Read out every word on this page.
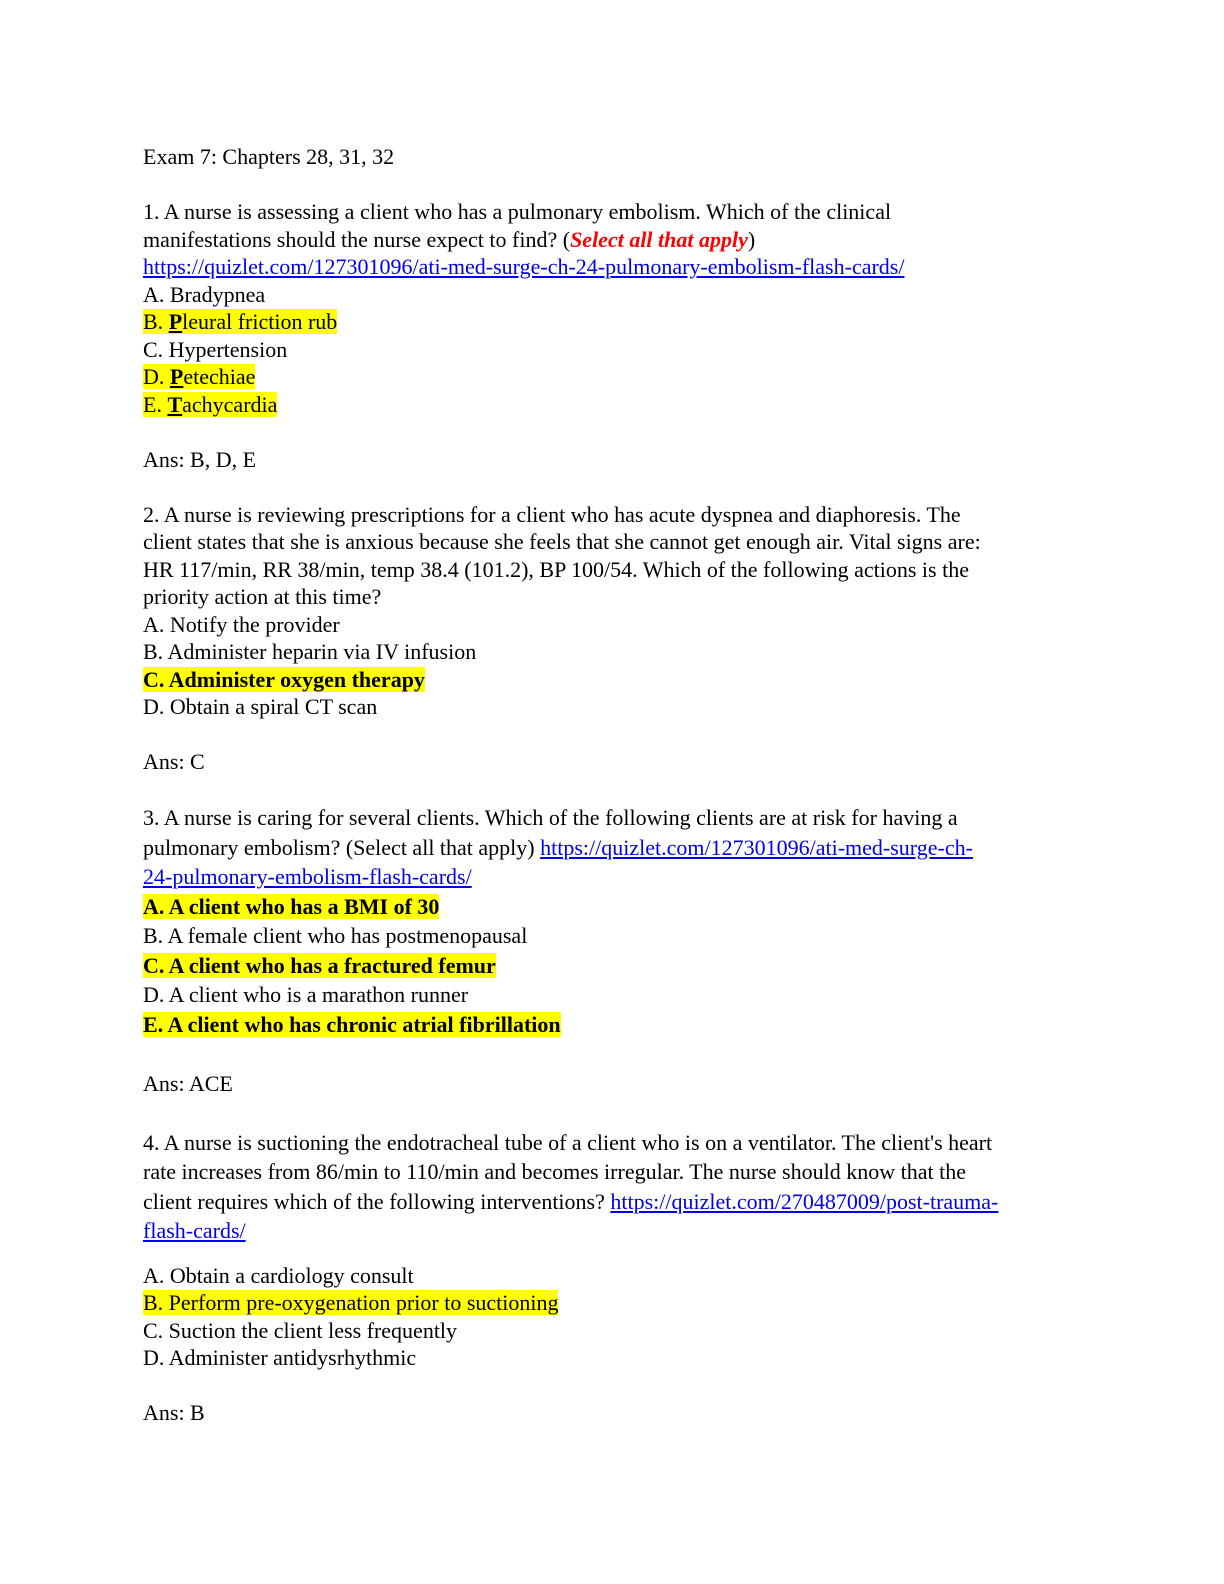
Exam 7: Chapters 28, 31, 32
1. A nurse is assessing a client who has a pulmonary embolism. Which of the clinical
manifestations should the nurse expect to find? (Select all that apply)
https://quizlet.com/127301096/ati-med-surge-ch-24-pulmonary-embolism-flash-cards/
A. Bradypnea
B. Pleural friction rub
C. Hypertension
D. Petechiae
E. Tachycardia
Ans: B, D, E
2. A nurse is reviewing prescriptions for a client who has acute dyspnea and diaphoresis. The
client states that she is anxious because she feels that she cannot get enough air. Vital signs are:
HR 117/min, RR 38/min, temp 38.4 (101.2), BP 100/54. Which of the following actions is the
priority action at this time?
A. Notify the provider
B. Administer heparin via IV infusion
C. Administer oxygen therapy
D. Obtain a spiral CT scan
Ans: C
3. A nurse is caring for several clients. Which of the following clients are at risk for having a
pulmonary embolism? (Select all that apply) https://quizlet.com/127301096/ati-med-surge-ch-
24-pulmonary-embolism-flash-cards/
A. A client who has a BMI of 30
B. A female client who has postmenopausal
C. A client who has a fractured femur
D. A client who is a marathon runner
E. A client who has chronic atrial fibrillation

Ans: ACE

4. A nurse is suctioning the endotracheal tube of a client who is on a ventilator. The client's heart
rate increases from 86/min to 110/min and becomes irregular. The nurse should know that the
client requires which of the following interventions? https://quizlet.com/270487009/post-trauma-
flash-cards/
A. Obtain a cardiology consult
B. Perform pre-oxygenation prior to suctioning
C. Suction the client less frequently
D. Administer antidysrhythmic
Ans: B
